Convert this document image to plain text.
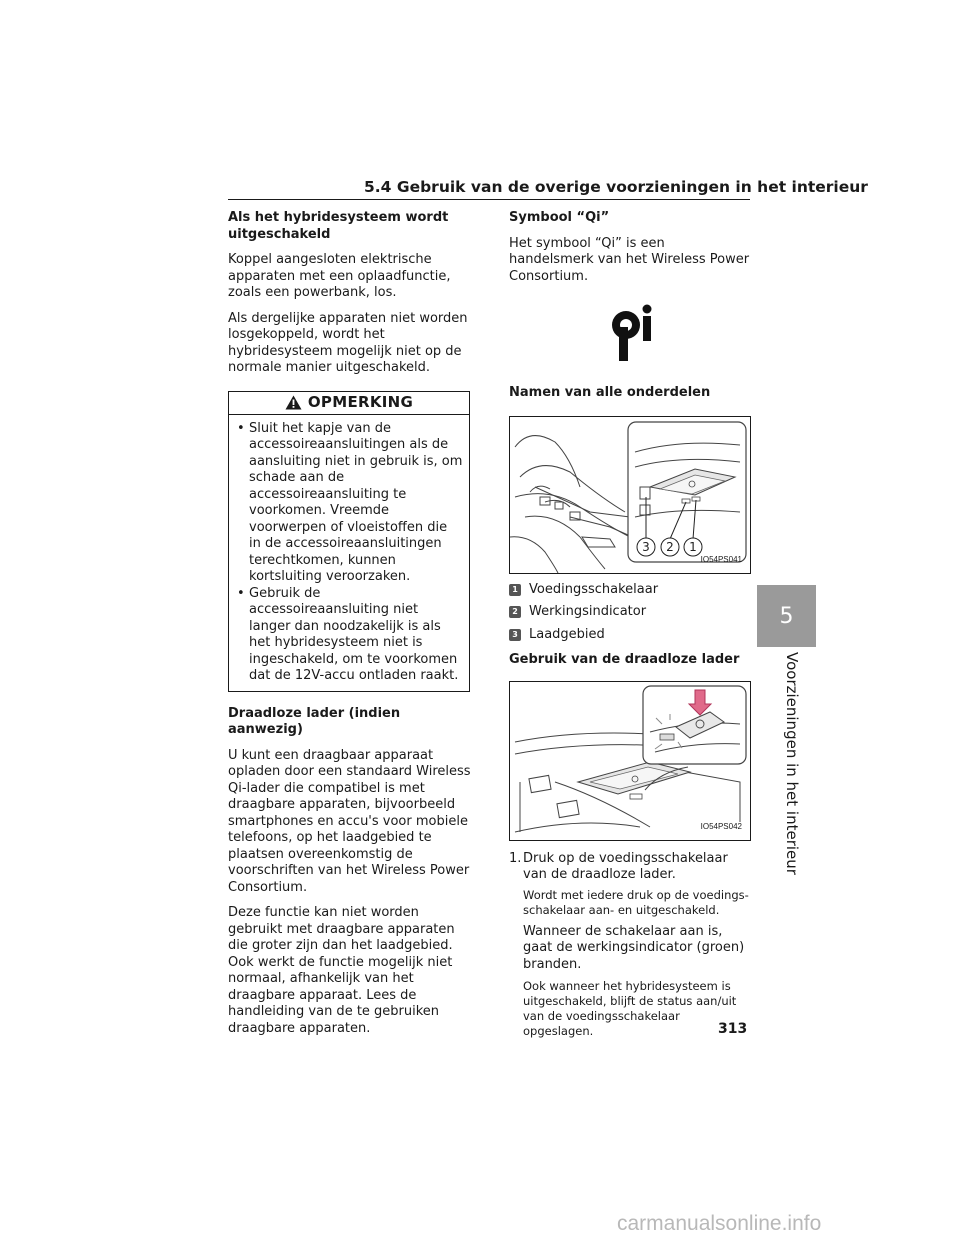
5.4 Gebruik van de overige voorzieningen in het interieur
Als het hybridesysteem wordt uitgeschakeld
Koppel aangesloten elektrische apparaten met een oplaadfunctie, zoals een powerbank, los.
Als dergelijke apparaten niet worden losgekoppeld, wordt het hybridesysteem mogelijk niet op de normale manier uitgeschakeld.
OPMERKING
• Sluit het kapje van de accessoireaansluitingen als de aansluiting niet in gebruik is, om schade aan de accessoireaansluiting te voorkomen. Vreemde voorwerpen of vloeistoffen die in de accessoireaansluitingen terechtkomen, kunnen kortsluiting veroorzaken.
• Gebruik de accessoireaansluiting niet langer dan noodzakelijk is als het hybridesysteem niet is ingeschakeld, om te voorkomen dat de 12V-accu ontladen raakt.
Draadloze lader (indien aanwezig)
U kunt een draagbaar apparaat opladen door een standaard Wireless Qi-lader die compatibel is met draagbare apparaten, bijvoorbeeld smartphones en accu's voor mobiele telefoons, op het laadgebied te plaatsen overeenkomstig de voorschriften van het Wireless Power Consortium.
Deze functie kan niet worden gebruikt met draagbare apparaten die groter zijn dan het laadgebied. Ook werkt de functie mogelijk niet normaal, afhankelijk van het draagbare apparaat. Lees de handleiding van de te gebruiken draagbare apparaten.
Symbool “Qi”
Het symbool “Qi” is een handelsmerk van het Wireless Power Consortium.
Namen van alle onderdelen
3 2 1
IO54PS041
1 Voedingsschakelaar
2 Werkingsindicator
3 Laadgebied
Gebruik van de draadloze lader
IO54PS042
1. Druk op de voedingsschakelaar van de draadloze lader.
Wordt met iedere druk op de voedings-schakelaar aan- en uitgeschakeld.
Wanneer de schakelaar aan is, gaat de werkingsindicator (groen) branden.
Ook wanneer het hybridesysteem is uitgeschakeld, blijft de status aan/uit van de voedingsschakelaar opgeslagen.	313
5
Voorzieningen in het interieur
carmanualsonline.info
